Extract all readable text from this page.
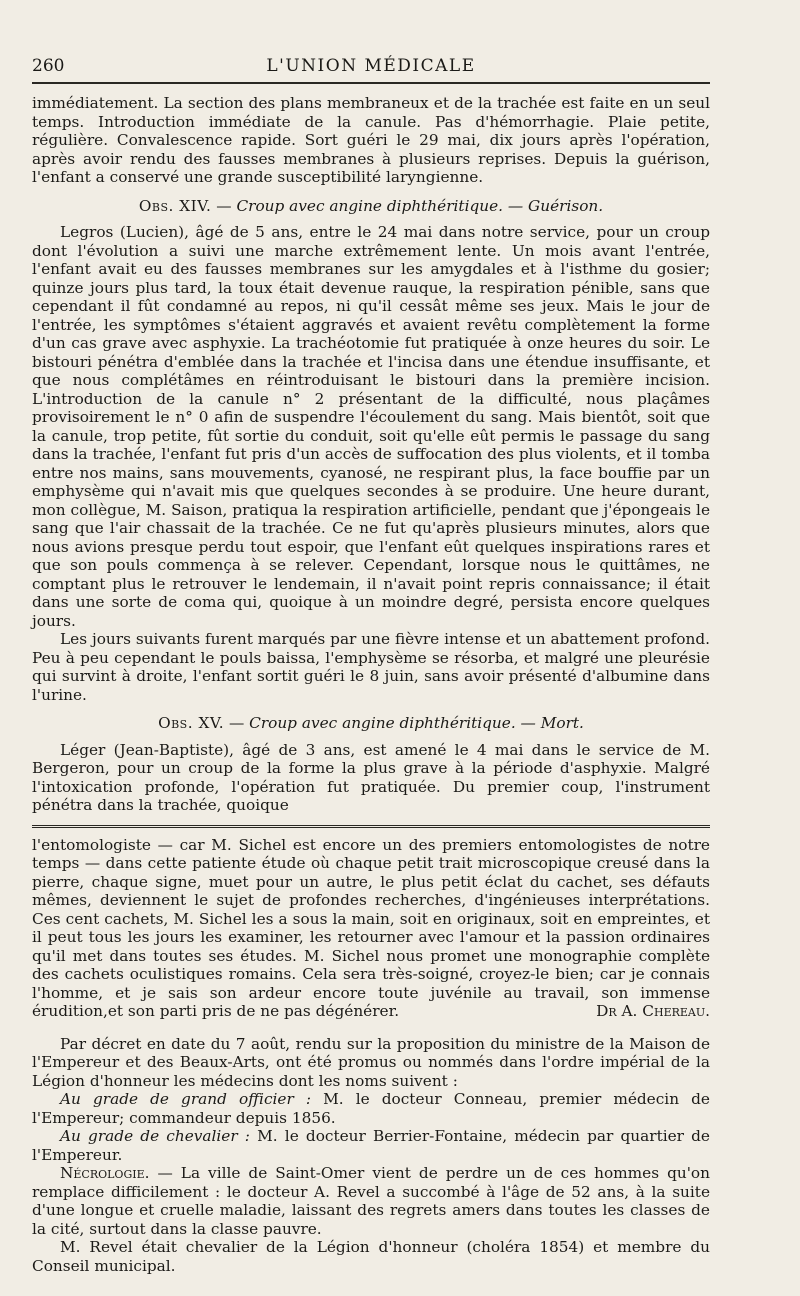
260	L'UNION MÉDICALE

immédiatement. La section des plans membraneux et de la trachée est faite en un seul temps. Introduction immédiate de la canule. Pas d'hémorrhagie. Plaie petite, régulière. Convalescence rapide. Sort guéri le 29 mai, dix jours après l'opération, après avoir rendu des fausses membranes à plusieurs reprises. Depuis la guérison, l'enfant a conservé une grande susceptibilité laryngienne.

Obs. XIV. — Croup avec angine diphthéritique. — Guérison.

Legros (Lucien), âgé de 5 ans, entre le 24 mai dans notre service, pour un croup dont l'évolution a suivi une marche extrêmement lente. Un mois avant l'entrée, l'enfant avait eu des fausses membranes sur les amygdales et à l'isthme du gosier; quinze jours plus tard, la toux était devenue rauque, la respiration pénible, sans que cependant il fût condamné au repos, ni qu'il cessât même ses jeux. Mais le jour de l'entrée, les symptômes s'étaient aggravés et avaient revêtu complètement la forme d'un cas grave avec asphyxie. La trachéotomie fut pratiquée à onze heures du soir. Le bistouri pénétra d'emblée dans la trachée et l'incisa dans une étendue insuffisante, et que nous complétâmes en réintroduisant le bistouri dans la première incision. L'introduction de la canule n° 2 présentant de la difficulté, nous plaçâmes provisoirement le n° 0 afin de suspendre l'écoulement du sang. Mais bientôt, soit que la canule, trop petite, fût sortie du conduit, soit qu'elle eût permis le passage du sang dans la trachée, l'enfant fut pris d'un accès de suffocation des plus violents, et il tomba entre nos mains, sans mouvements, cyanosé, ne respirant plus, la face bouffie par un emphysème qui n'avait mis que quelques secondes à se produire. Une heure durant, mon collègue, M. Saison, pratiqua la respiration artificielle, pendant que j'épongeais le sang que l'air chassait de la trachée. Ce ne fut qu'après plusieurs minutes, alors que nous avions presque perdu tout espoir, que l'enfant eût quelques inspirations rares et que son pouls commença à se relever. Cependant, lorsque nous le quittâmes, ne comptant plus le retrouver le lendemain, il n'avait point repris connaissance; il était dans une sorte de coma qui, quoique à un moindre degré, persista encore quelques jours.

Les jours suivants furent marqués par une fièvre intense et un abattement profond. Peu à peu cependant le pouls baissa, l'emphysème se résorba, et malgré une pleurésie qui survint à droite, l'enfant sortit guéri le 8 juin, sans avoir présenté d'albumine dans l'urine.

Obs. XV. — Croup avec angine diphthéritique. — Mort.

Léger (Jean-Baptiste), âgé de 3 ans, est amené le 4 mai dans le service de M. Bergeron, pour un croup de la forme la plus grave à la période d'asphyxie. Malgré l'intoxication profonde, l'opération fut pratiquée. Du premier coup, l'instrument pénétra dans la trachée, quoique

l'entomologiste — car M. Sichel est encore un des premiers entomologistes de notre temps — dans cette patiente étude où chaque petit trait microscopique creusé dans la pierre, chaque signe, muet pour un autre, le plus petit éclat du cachet, ses défauts mêmes, deviennent le sujet de profondes recherches, d'ingénieuses interprétations. Ces cent cachets, M. Sichel les a sous la main, soit en originaux, soit en empreintes, et il peut tous les jours les examiner, les retourner avec l'amour et la passion ordinaires qu'il met dans toutes ses études. M. Sichel nous promet une monographie complète des cachets oculistiques romains. Cela sera très-soigné, croyez-le bien; car je connais l'homme, et je sais son ardeur encore toute juvénile au travail, son immense érudition,et son parti pris de ne pas dégénérer.	Dr A. Chereau.

Par décret en date du 7 août, rendu sur la proposition du ministre de la Maison de l'Empereur et des Beaux-Arts, ont été promus ou nommés dans l'ordre impérial de la Légion d'honneur les médecins dont les noms suivent :

Au grade de grand officier : M. le docteur Conneau, premier médecin de l'Empereur; commandeur depuis 1856.

Au grade de chevalier : M. le docteur Berrier-Fontaine, médecin par quartier de l'Empereur.

Nécrologie. — La ville de Saint-Omer vient de perdre un de ces hommes qu'on remplace difficilement : le docteur A. Revel a succombé à l'âge de 52 ans, à la suite d'une longue et cruelle maladie, laissant des regrets amers dans toutes les classes de la cité, surtout dans la classe pauvre.

M. Revel était chevalier de la Légion d'honneur (choléra 1854) et membre du Conseil municipal.
